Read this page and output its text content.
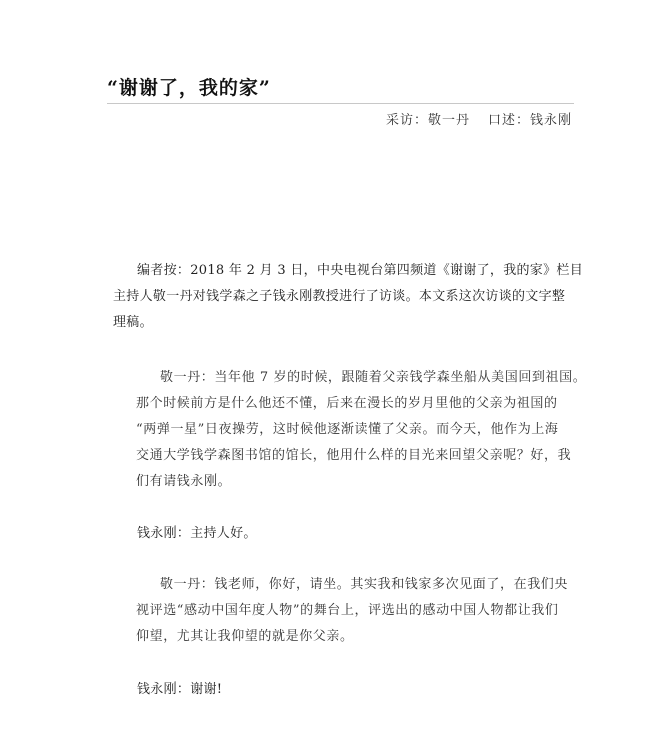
“谢谢了，我的家”
采访：敬一丹 口述：钱永刚
编者按：2018 年 2 月 3 日，中央电视台第四频道《谢谢了，我的家》栏目
主持人敬一丹对钱学森之子钱永刚教授进行了访谈。本文系这次访谈的文字整
理稿。
敬一丹：当年他 7 岁的时候，跟随着父亲钱学森坐船从美国回到祖国。
那个时候前方是什么他还不懂，后来在漫长的岁月里他的父亲为祖国的
“两弹一星”日夜操劳，这时候他逐渐读懂了父亲。而今天，他作为上海
交通大学钱学森图书馆的馆长，他用什么样的目光来回望父亲呢？好，我
们有请钱永刚。
钱永刚：主持人好。
敬一丹：钱老师，你好，请坐。其实我和钱家多次见面了，在我们央
视评选“感动中国年度人物”的舞台上，评选出的感动中国人物都让我们
仰望，尤其让我仰望的就是你父亲。
钱永刚：谢谢!
